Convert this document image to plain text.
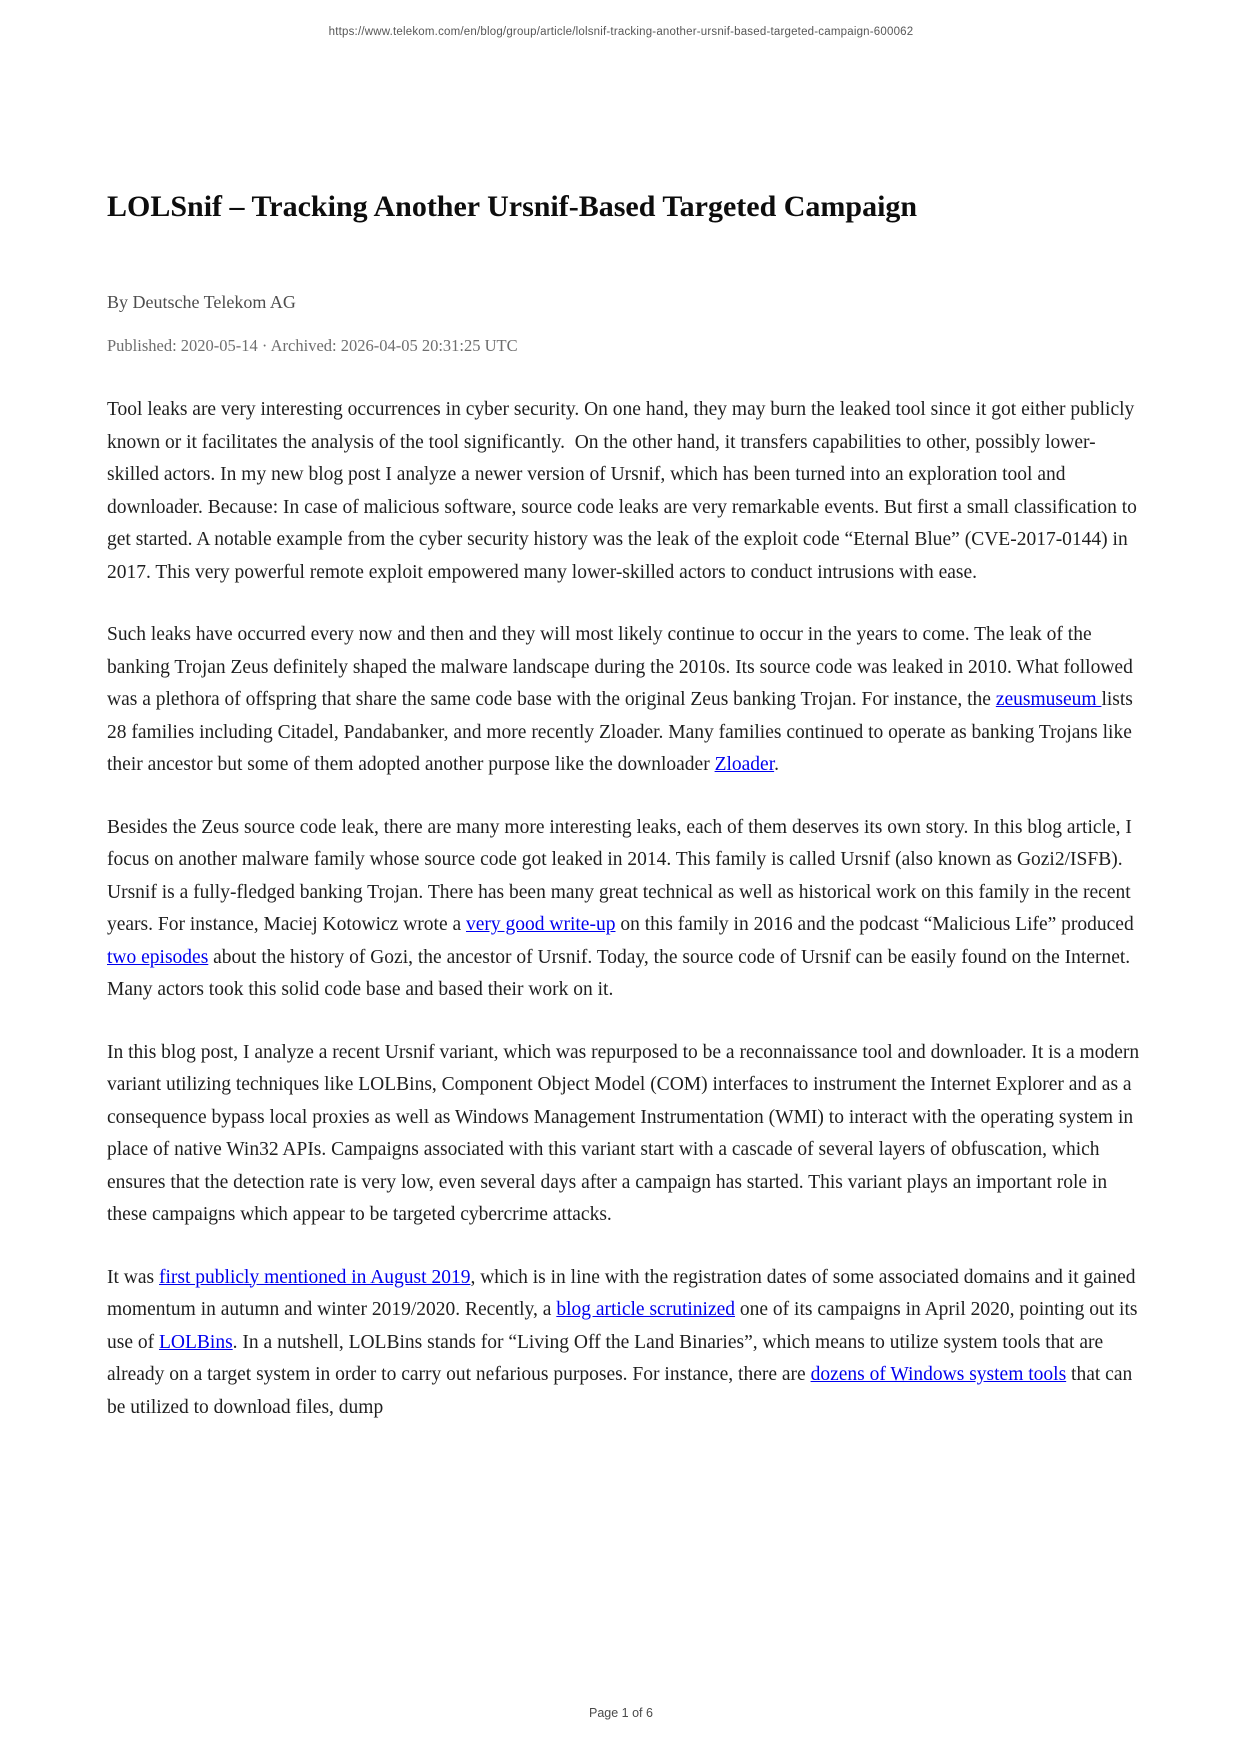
https://www.telekom.com/en/blog/group/article/lolsnif-tracking-another-ursnif-based-targeted-campaign-600062
LOLSnif – Tracking Another Ursnif-Based Targeted Campaign
By Deutsche Telekom AG
Published: 2020-05-14 · Archived: 2026-04-05 20:31:25 UTC

Tool leaks are very interesting occurrences in cyber security. On one hand, they may burn the leaked tool since it got either publicly known or it facilitates the analysis of the tool significantly.  On the other hand, it transfers capabilities to other, possibly lower-skilled actors. In my new blog post I analyze a newer version of Ursnif, which has been turned into an exploration tool and downloader. Because: In case of malicious software, source code leaks are very remarkable events. But first a small classification to get started. A notable example from the cyber security history was the leak of the exploit code “Eternal Blue” (CVE-2017-0144) in 2017. This very powerful remote exploit empowered many lower-skilled actors to conduct intrusions with ease.

Such leaks have occurred every now and then and they will most likely continue to occur in the years to come. The leak of the banking Trojan Zeus definitely shaped the malware landscape during the 2010s. Its source code was leaked in 2010. What followed was a plethora of offspring that share the same code base with the original Zeus banking Trojan. For instance, the zeusmuseum lists 28 families including Citadel, Pandabanker, and more recently Zloader. Many families continued to operate as banking Trojans like their ancestor but some of them adopted another purpose like the downloader Zloader.

Besides the Zeus source code leak, there are many more interesting leaks, each of them deserves its own story. In this blog article, I focus on another malware family whose source code got leaked in 2014. This family is called Ursnif (also known as Gozi2/ISFB). Ursnif is a fully-fledged banking Trojan. There has been many great technical as well as historical work on this family in the recent years. For instance, Maciej Kotowicz wrote a very good write-up on this family in 2016 and the podcast “Malicious Life” produced two episodes about the history of Gozi, the ancestor of Ursnif. Today, the source code of Ursnif can be easily found on the Internet. Many actors took this solid code base and based their work on it.

In this blog post, I analyze a recent Ursnif variant, which was repurposed to be a reconnaissance tool and downloader. It is a modern variant utilizing techniques like LOLBins, Component Object Model (COM) interfaces to instrument the Internet Explorer and as a consequence bypass local proxies as well as Windows Management Instrumentation (WMI) to interact with the operating system in place of native Win32 APIs. Campaigns associated with this variant start with a cascade of several layers of obfuscation, which ensures that the detection rate is very low, even several days after a campaign has started. This variant plays an important role in these campaigns which appear to be targeted cybercrime attacks.

It was first publicly mentioned in August 2019, which is in line with the registration dates of some associated domains and it gained momentum in autumn and winter 2019/2020. Recently, a blog article scrutinized one of its campaigns in April 2020, pointing out its use of LOLBins. In a nutshell, LOLBins stands for “Living Off the Land Binaries”, which means to utilize system tools that are already on a target system in order to carry out nefarious purposes. For instance, there are dozens of Windows system tools that can be utilized to download files, dump

Page 1 of 6
